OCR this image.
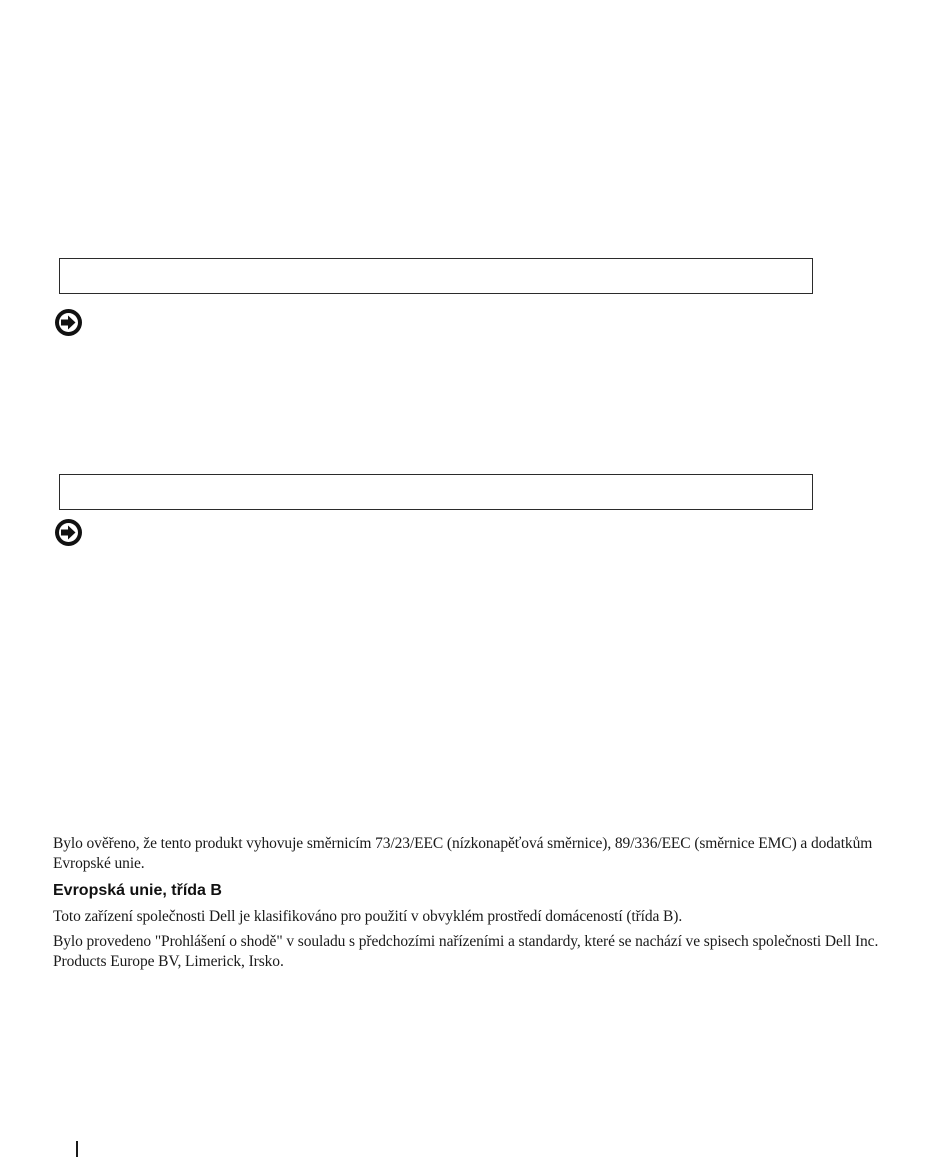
Bylo ověřeno, že tento produkt vyhovuje směrnicím 73/23/EEC (nízkonapěťová směrnice), 89/336/EEC (směrnice EMC) a dodatkům Evropské unie.

Evropská unie, třída B

Toto zařízení společnosti Dell je klasifikováno pro použití v obvyklém prostředí domáceností (třída B).

Bylo provedeno "Prohlášení o shodě" v souladu s předchozími nařízeními a standardy, které se nachází ve spisech společnosti Dell Inc. Products Europe BV, Limerick, Irsko.
